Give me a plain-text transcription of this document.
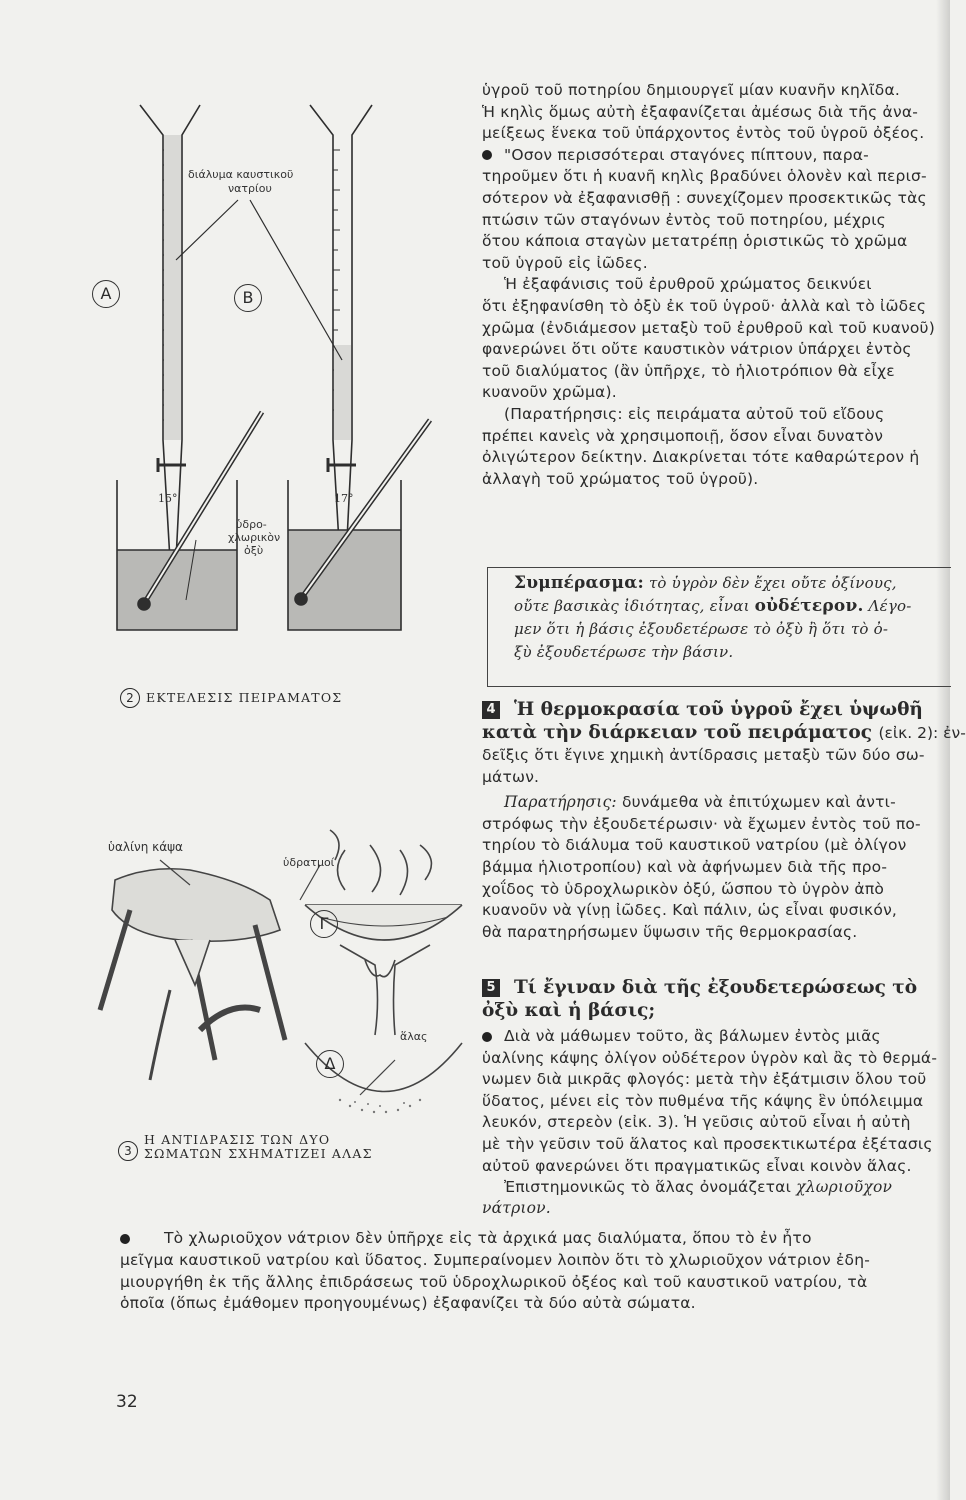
διάλυμα καυστικοῦ
νατρίου
A	B
15°	17°
ὑδρο-
χλωρικὸν
ὀξὺ
2 ΕΚΤΕΛΕΣΙΣ ΠΕΙΡΑΜΑΤΟΣ
ὑαλίνη κάψα
ὑδρατμοί
Γ
Δ
ἅλας
3Η ΑΝΤΙΔΡΑΣΙΣ ΤΩΝ ΔΥΟ
ΣΩΜΑΤΩΝ ΣΧΗΜΑΤΙΖΕΙ ΑΛΑΣ
ὑγροῦ τοῦ ποτηρίου δημιουργεῖ μίαν κυανῆν κηλῖδα.
Ἡ κηλὶς ὅμως αὐτὴ ἐξαφανίζεται ἀμέσως διὰ τῆς ἀνα-
μείξεως ἕνεκα τοῦ ὑπάρχοντος ἐντὸς τοῦ ὑγροῦ ὀξέος.
"Οσον περισσότεραι σταγόνες πίπτουν, παρα-
τηροῦμεν ὅτι ἡ κυανῆ κηλὶς βραδύνει ὁλονὲν καὶ περισ-
σότερον νὰ ἐξαφανισθῇ : συνεχίζομεν προσεκτικῶς τὰς
πτώσιν τῶν σταγόνων ἐντὸς τοῦ ποτηρίου, μέχρις
ὅτου κάποια σταγὼν μετατρέπῃ ὁριστικῶς τὸ χρῶμα
τοῦ ὑγροῦ εἰς ἰῶδες.
Ἡ ἐξαφάνισις τοῦ ἐρυθροῦ χρώματος δεικνύει
ὅτι ἐξηφανίσθη τὸ ὀξὺ ἐκ τοῦ ὑγροῦ· ἀλλὰ καὶ τὸ ἰῶδες
χρῶμα (ἐνδιάμεσον μεταξὺ τοῦ ἐρυθροῦ καὶ τοῦ κυανοῦ)
φανερώνει ὅτι οὔτε καυστικὸν νάτριον ὑπάρχει ἐντὸς
τοῦ διαλύματος (ἂν ὑπῆρχε, τὸ ἡλιοτρόπιον θὰ εἶχε
κυανοῦν χρῶμα).
(Παρατήρησις: εἰς πειράματα αὐτοῦ τοῦ εἴδους
πρέπει κανεὶς νὰ χρησιμοποιῇ, ὅσον εἶναι δυνατὸν
ὀλιγώτερον δείκτην. Διακρίνεται τότε καθαρώτερον ἡ
ἀλλαγὴ τοῦ χρώματος τοῦ ὑγροῦ).
Συμπέρασμα: τὸ ὑγρὸν δὲν ἔχει οὔτε ὀξίνους,
οὔτε βασικὰς ἰδιότητας, εἶναι οὐδέτερον. Λέγο-
μεν ὅτι ἡ βάσις ἐξουδετέρωσε τὸ ὀξὺ ἢ ὅτι τὸ ὀ-
ξὺ ἐξουδετέρωσε τὴν βάσιν.
4 Ἡ θερμοκρασία τοῦ ὑγροῦ ἔχει ὑψωθῆ
κατὰ τὴν διάρκειαν τοῦ πειράματος (εἰκ. 2): ἐν-
δεῖξις ὅτι ἔγινε χημικὴ ἀντίδρασις μεταξὺ τῶν δύο σω-
μάτων.
Παρατήρησις: δυνάμεθα νὰ ἐπιτύχωμεν καὶ ἀντι-
στρόφως τὴν ἐξουδετέρωσιν· νὰ ἔχωμεν ἐντὸς τοῦ πο-
τηρίου τὸ διάλυμα τοῦ καυστικοῦ νατρίου (μὲ ὀλίγον
βάμμα ἡλιοτροπίου) καὶ νὰ ἀφήνωμεν διὰ τῆς προ-
χοΐδος τὸ ὑδροχλωρικὸν ὀξύ, ὥσπου τὸ ὑγρὸν ἀπὸ
κυανοῦν νὰ γίνῃ ἰῶδες. Καὶ πάλιν, ὡς εἶναι φυσικόν,
θὰ παρατηρήσωμεν ὕψωσιν τῆς θερμοκρασίας.
5 Τί ἔγιναν διὰ τῆς ἐξουδετερώσεως τὸ
ὀξὺ καὶ ἡ βάσις;
Διὰ νὰ μάθωμεν τοῦτο, ἂς βάλωμεν ἐντὸς μιᾶς
ὑαλίνης κάψης ὀλίγον οὐδέτερον ὑγρὸν καὶ ἂς τὸ θερμά-
νωμεν διὰ μικρᾶς φλογός: μετὰ τὴν ἐξάτμισιν ὅλου τοῦ
ὕδατος, μένει εἰς τὸν πυθμένα τῆς κάψης ἓν ὑπόλειμμα
λευκόν, στερεὸν (εἰκ. 3). Ἡ γεῦσις αὐτοῦ εἶναι ἡ αὐτὴ
μὲ τὴν γεῦσιν τοῦ ἅλατος καὶ προσεκτικωτέρα ἐξέτασις
αὐτοῦ φανερώνει ὅτι πραγματικῶς εἶναι κοινὸν ἅλας.
Ἐπιστημονικῶς τὸ ἅλας ὀνομάζεται χλωριοῦχον
νάτριον.
Τὸ χλωριοῦχον νάτριον δὲν ὑπῆρχε εἰς τὰ ἀρχικά μας διαλύματα, ὅπου τὸ ἐν ἦτο
μεῖγμα καυστικοῦ νατρίου καὶ ὕδατος. Συμπεραίνομεν λοιπὸν ὅτι τὸ χλωριοῦχον νάτριον ἐδη-
μιουργήθη ἐκ τῆς ἄλλης ἐπιδράσεως τοῦ ὑδροχλωρικοῦ ὀξέος καὶ τοῦ καυστικοῦ νατρίου, τὰ
ὁποῖα (ὅπως ἐμάθομεν προηγουμένως) ἐξαφανίζει τὰ δύο αὐτὰ σώματα.
32
